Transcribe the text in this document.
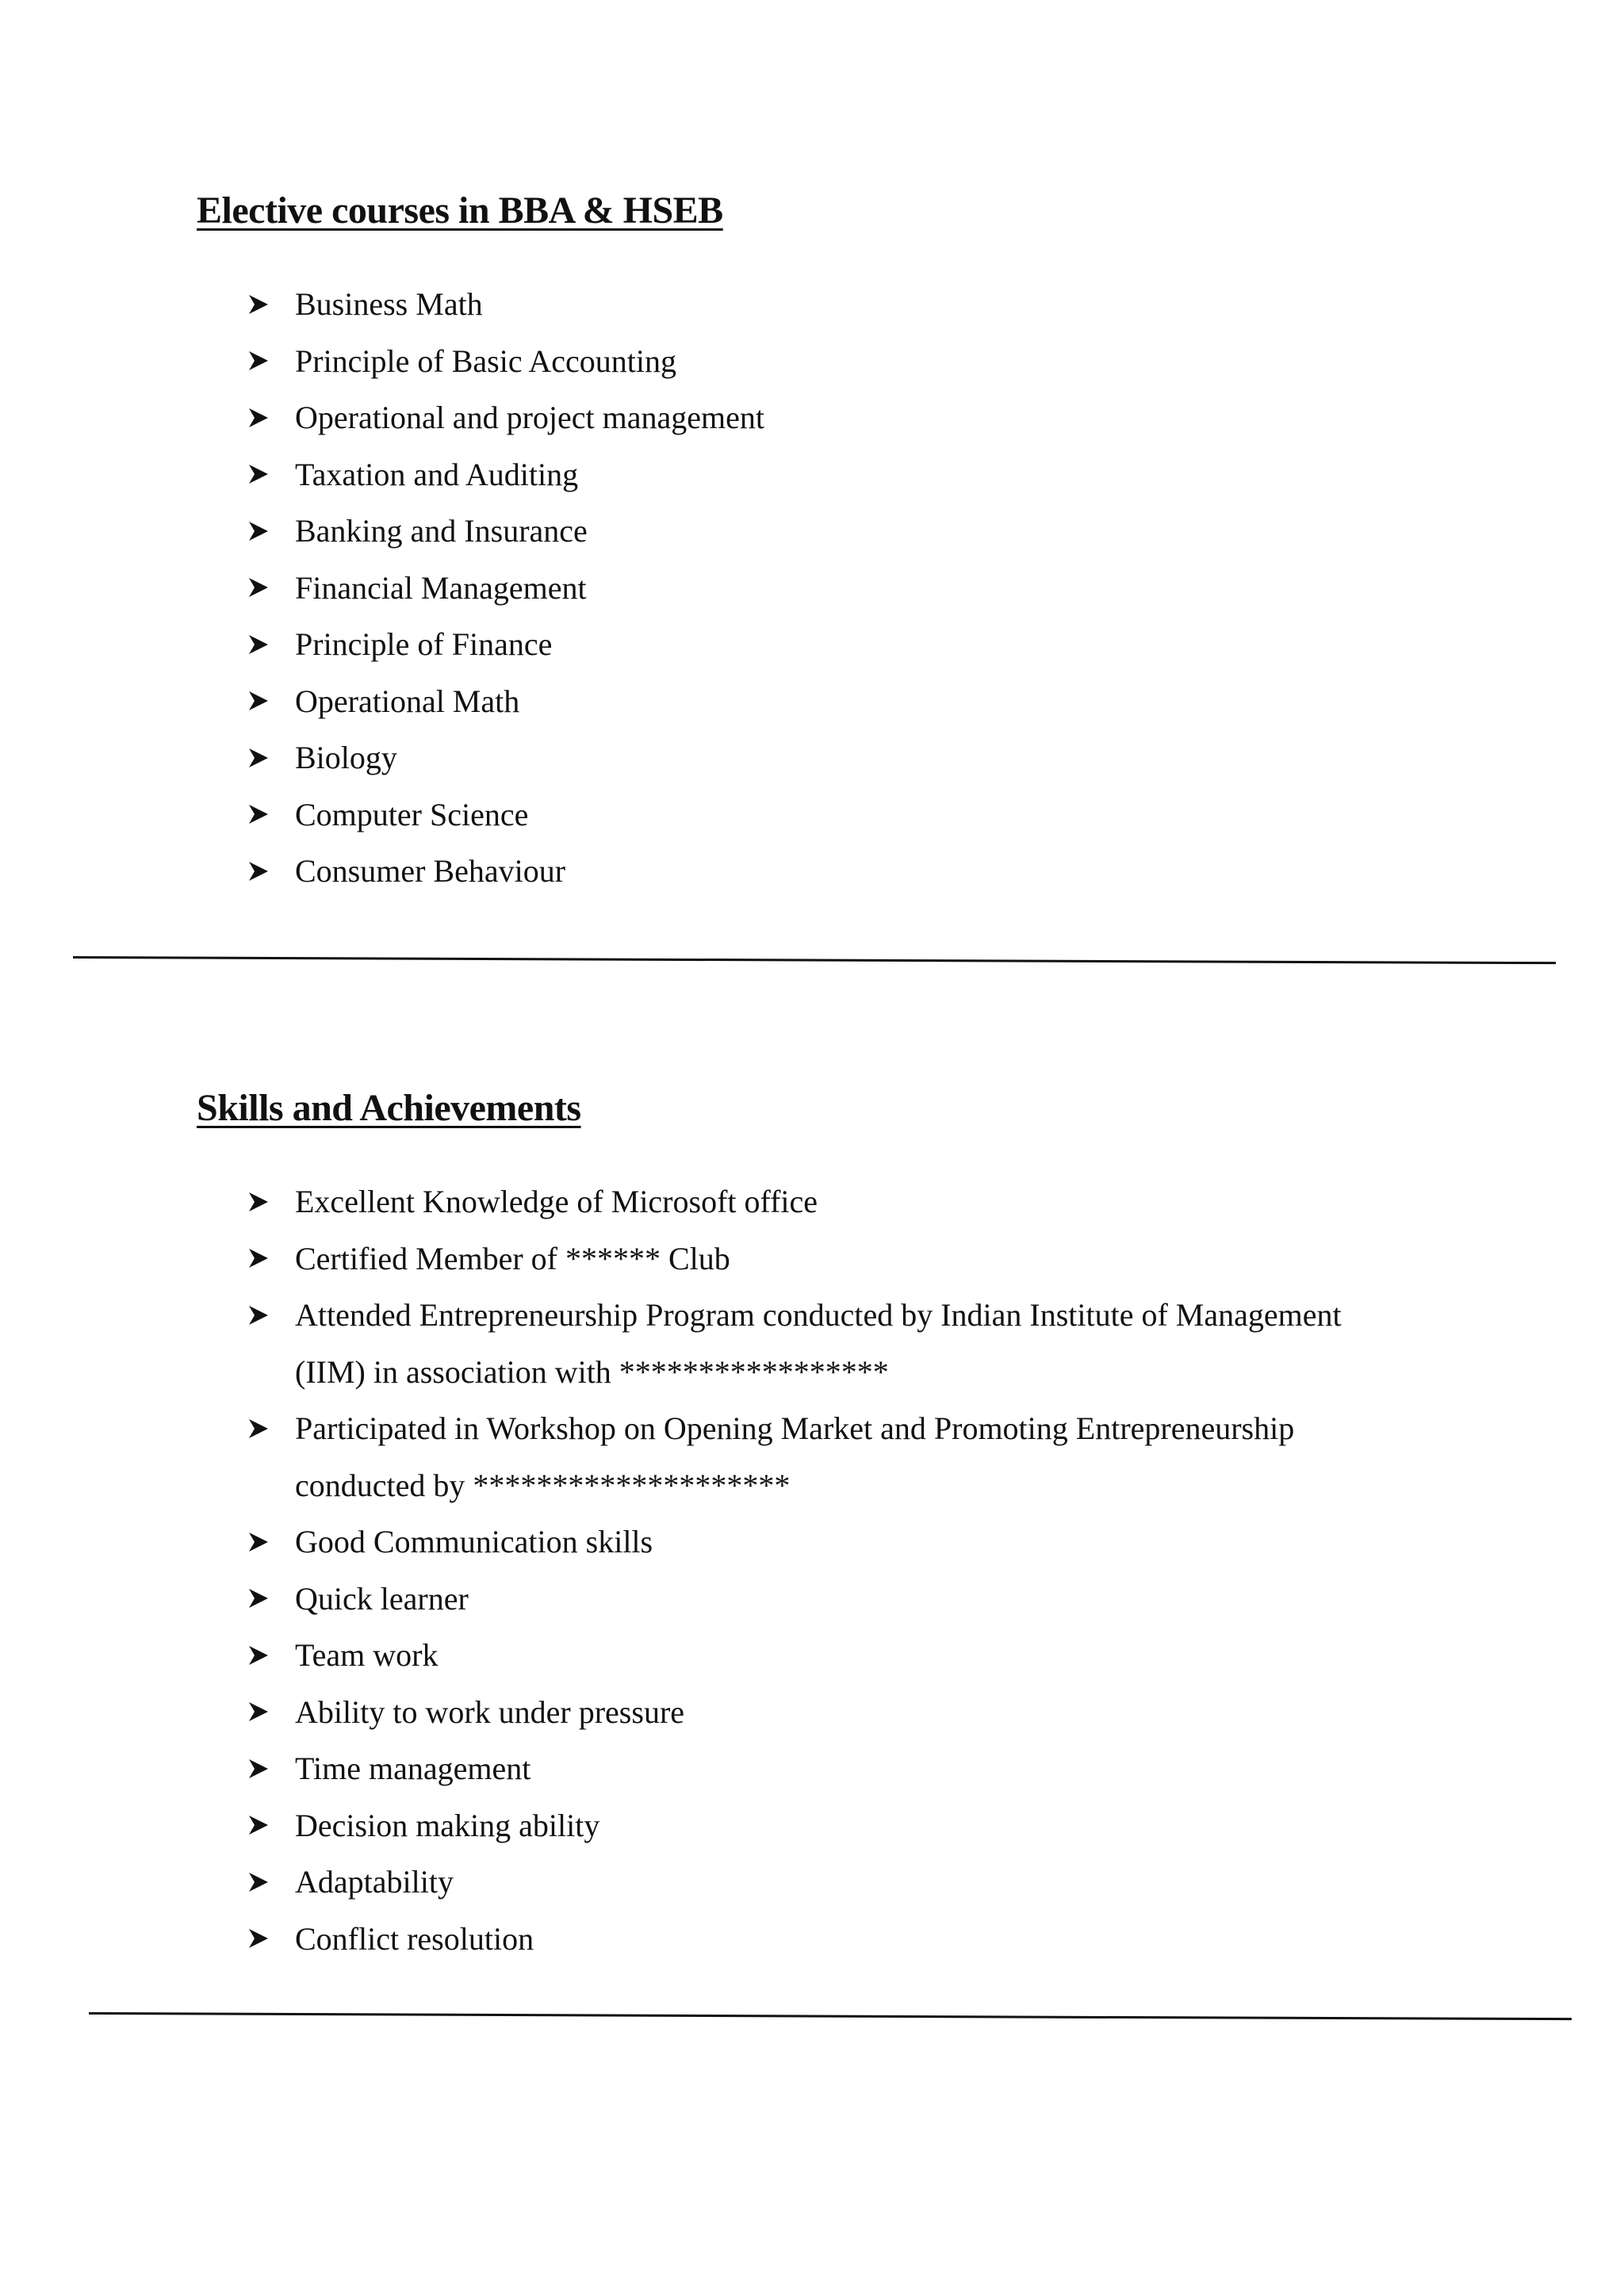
Elective courses in BBA & HSEB
Business Math
Principle of Basic Accounting
Operational and project management
Taxation and Auditing
Banking and Insurance
Financial Management
Principle of Finance
Operational Math
Biology
Computer Science
Consumer Behaviour
Skills and Achievements
Excellent Knowledge of Microsoft office
Certified Member of ****** Club
Attended Entrepreneurship Program conducted by Indian Institute of Management
(IIM) in association with *****************
Participated in Workshop on Opening Market and Promoting Entrepreneurship
conducted by ********************
Good Communication skills
Quick learner
Team work
Ability to work under pressure
Time management
Decision making ability
Adaptability
Conflict resolution
